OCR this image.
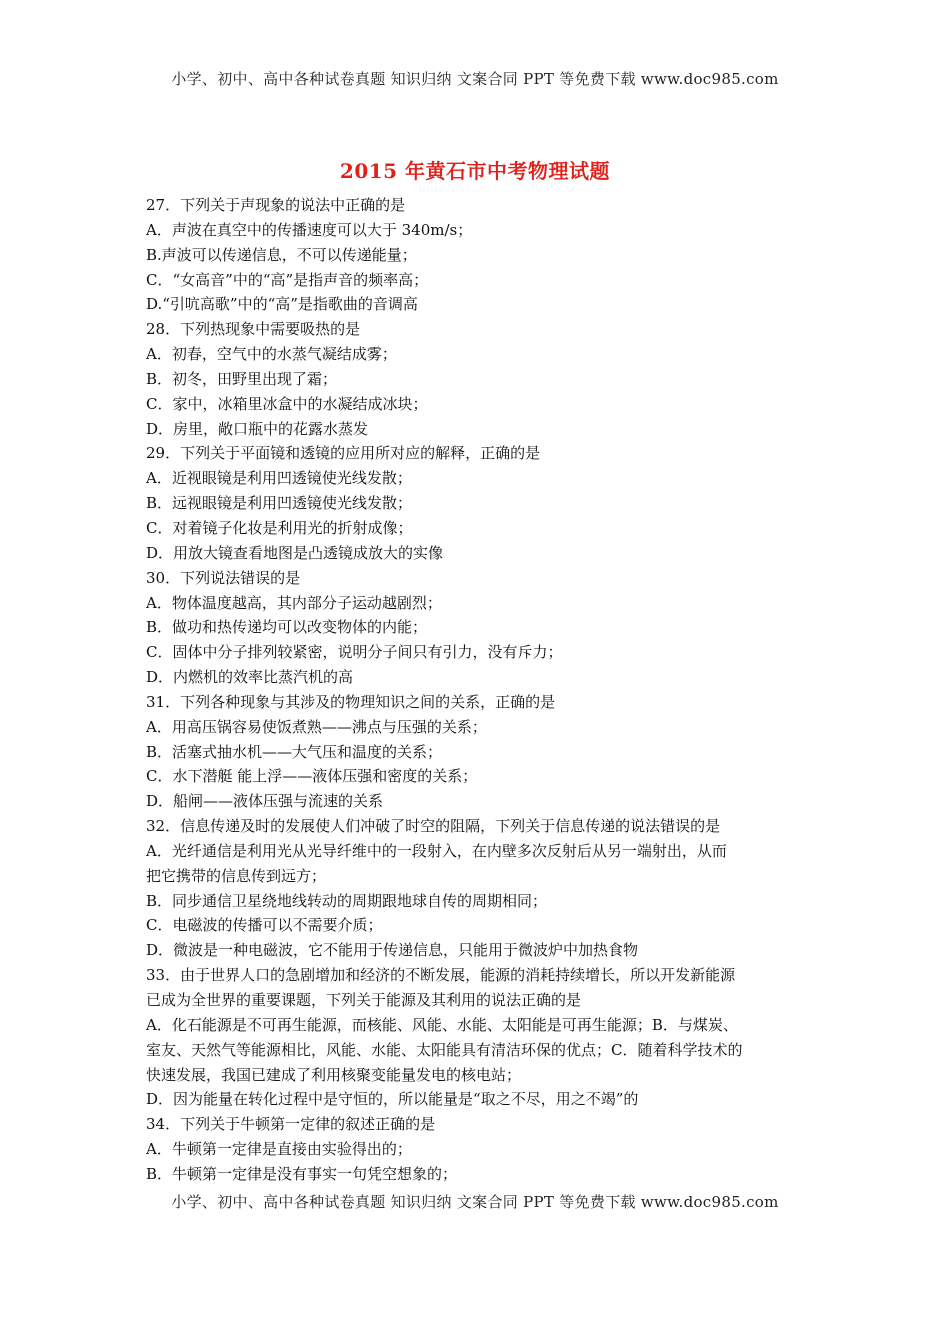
小学、初中、高中各种试卷真题 知识归纳 文案合同 PPT 等免费下载 www.doc985.com
2015 年黄石市中考物理试题
27．下列关于声现象的说法中正确的是
A．声波在真空中的传播速度可以大于 340m/s；
B.声波可以传递信息，不可以传递能量；
C．“女高音”中的“高”是指声音的频率高；
D.“引吭高歌”中的“高”是指歌曲的音调高
28．下列热现象中需要吸热的是
A．初春，空气中的水蒸气凝结成雾；
B．初冬，田野里出现了霜；
C．家中，冰箱里冰盒中的水凝结成冰块；
D．房里，敞口瓶中的花露水蒸发
29．下列关于平面镜和透镜的应用所对应的解释，正确的是
A．近视眼镜是利用凹透镜使光线发散；
B．远视眼镜是利用凹透镜使光线发散；
C．对着镜子化妆是利用光的折射成像；
D．用放大镜查看地图是凸透镜成放大的实像
30．下列说法错误的是
A．物体温度越高，其内部分子运动越剧烈；
B．做功和热传递均可以改变物体的内能；
C．固体中分子排列较紧密，说明分子间只有引力，没有斥力；
D．内燃机的效率比蒸汽机的高
31．下列各种现象与其涉及的物理知识之间的关系，正确的是
A．用高压锅容易使饭煮熟——沸点与压强的关系；
B．活塞式抽水机——大气压和温度的关系；
C．水下潜艇 能上浮——液体压强和密度的关系；
D．船闸——液体压强与流速的关系
32．信息传递及时的发展使人们冲破了时空的阻隔，下列关于信息传递的说法错误的是
A．光纤通信是利用光从光导纤维中的一段射入，在内壁多次反射后从另一端射出，从而
把它携带的信息传到远方；
B．同步通信卫星绕地线转动的周期跟地球自传的周期相同；
C．电磁波的传播可以不需要介质；
D．微波是一种电磁波，它不能用于传递信息，只能用于微波炉中加热食物
33．由于世界人口的急剧增加和经济的不断发展，能源的消耗持续增长，所以开发新能源
已成为全世界的重要课题，下列关于能源及其利用的说法正确的是
A．化石能源是不可再生能源，而核能、风能、水能、太阳能是可再生能源；B．与煤炭、
室友、天然气等能源相比，风能、水能、太阳能具有清洁环保的优点；C．随着科学技术的
快速发展，我国已建成了利用核聚变能量发电的核电站；
D．因为能量在转化过程中是守恒的，所以能量是“取之不尽，用之不竭”的
34．下列关于牛顿第一定律的叙述正确的是
A．牛顿第一定律是直接由实验得出的；
B．牛顿第一定律是没有事实一句凭空想象的；
小学、初中、高中各种试卷真题 知识归纳 文案合同 PPT 等免费下载 www.doc985.com
